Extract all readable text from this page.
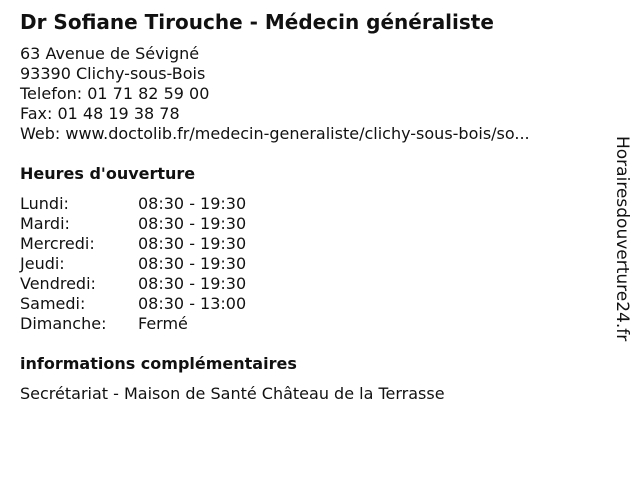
Dr Sofiane Tirouche - Médecin généraliste
63 Avenue de Sévigné
93390 Clichy-sous-Bois
Telefon: 01 71 82 59 00
Fax: 01 48 19 38 78
Web: www.doctolib.fr/medecin-generaliste/clichy-sous-bois/so...
Heures d'ouverture
Lundi:	08:30 - 19:30
Mardi:	08:30 - 19:30
Mercredi:	08:30 - 19:30
Jeudi:	08:30 - 19:30
Vendredi:	08:30 - 19:30
Samedi:	08:30 - 13:00
Dimanche:	Fermé
informations complémentaires
Secrétariat - Maison de Santé Château de la Terrasse
Horairesdouverture24.fr
